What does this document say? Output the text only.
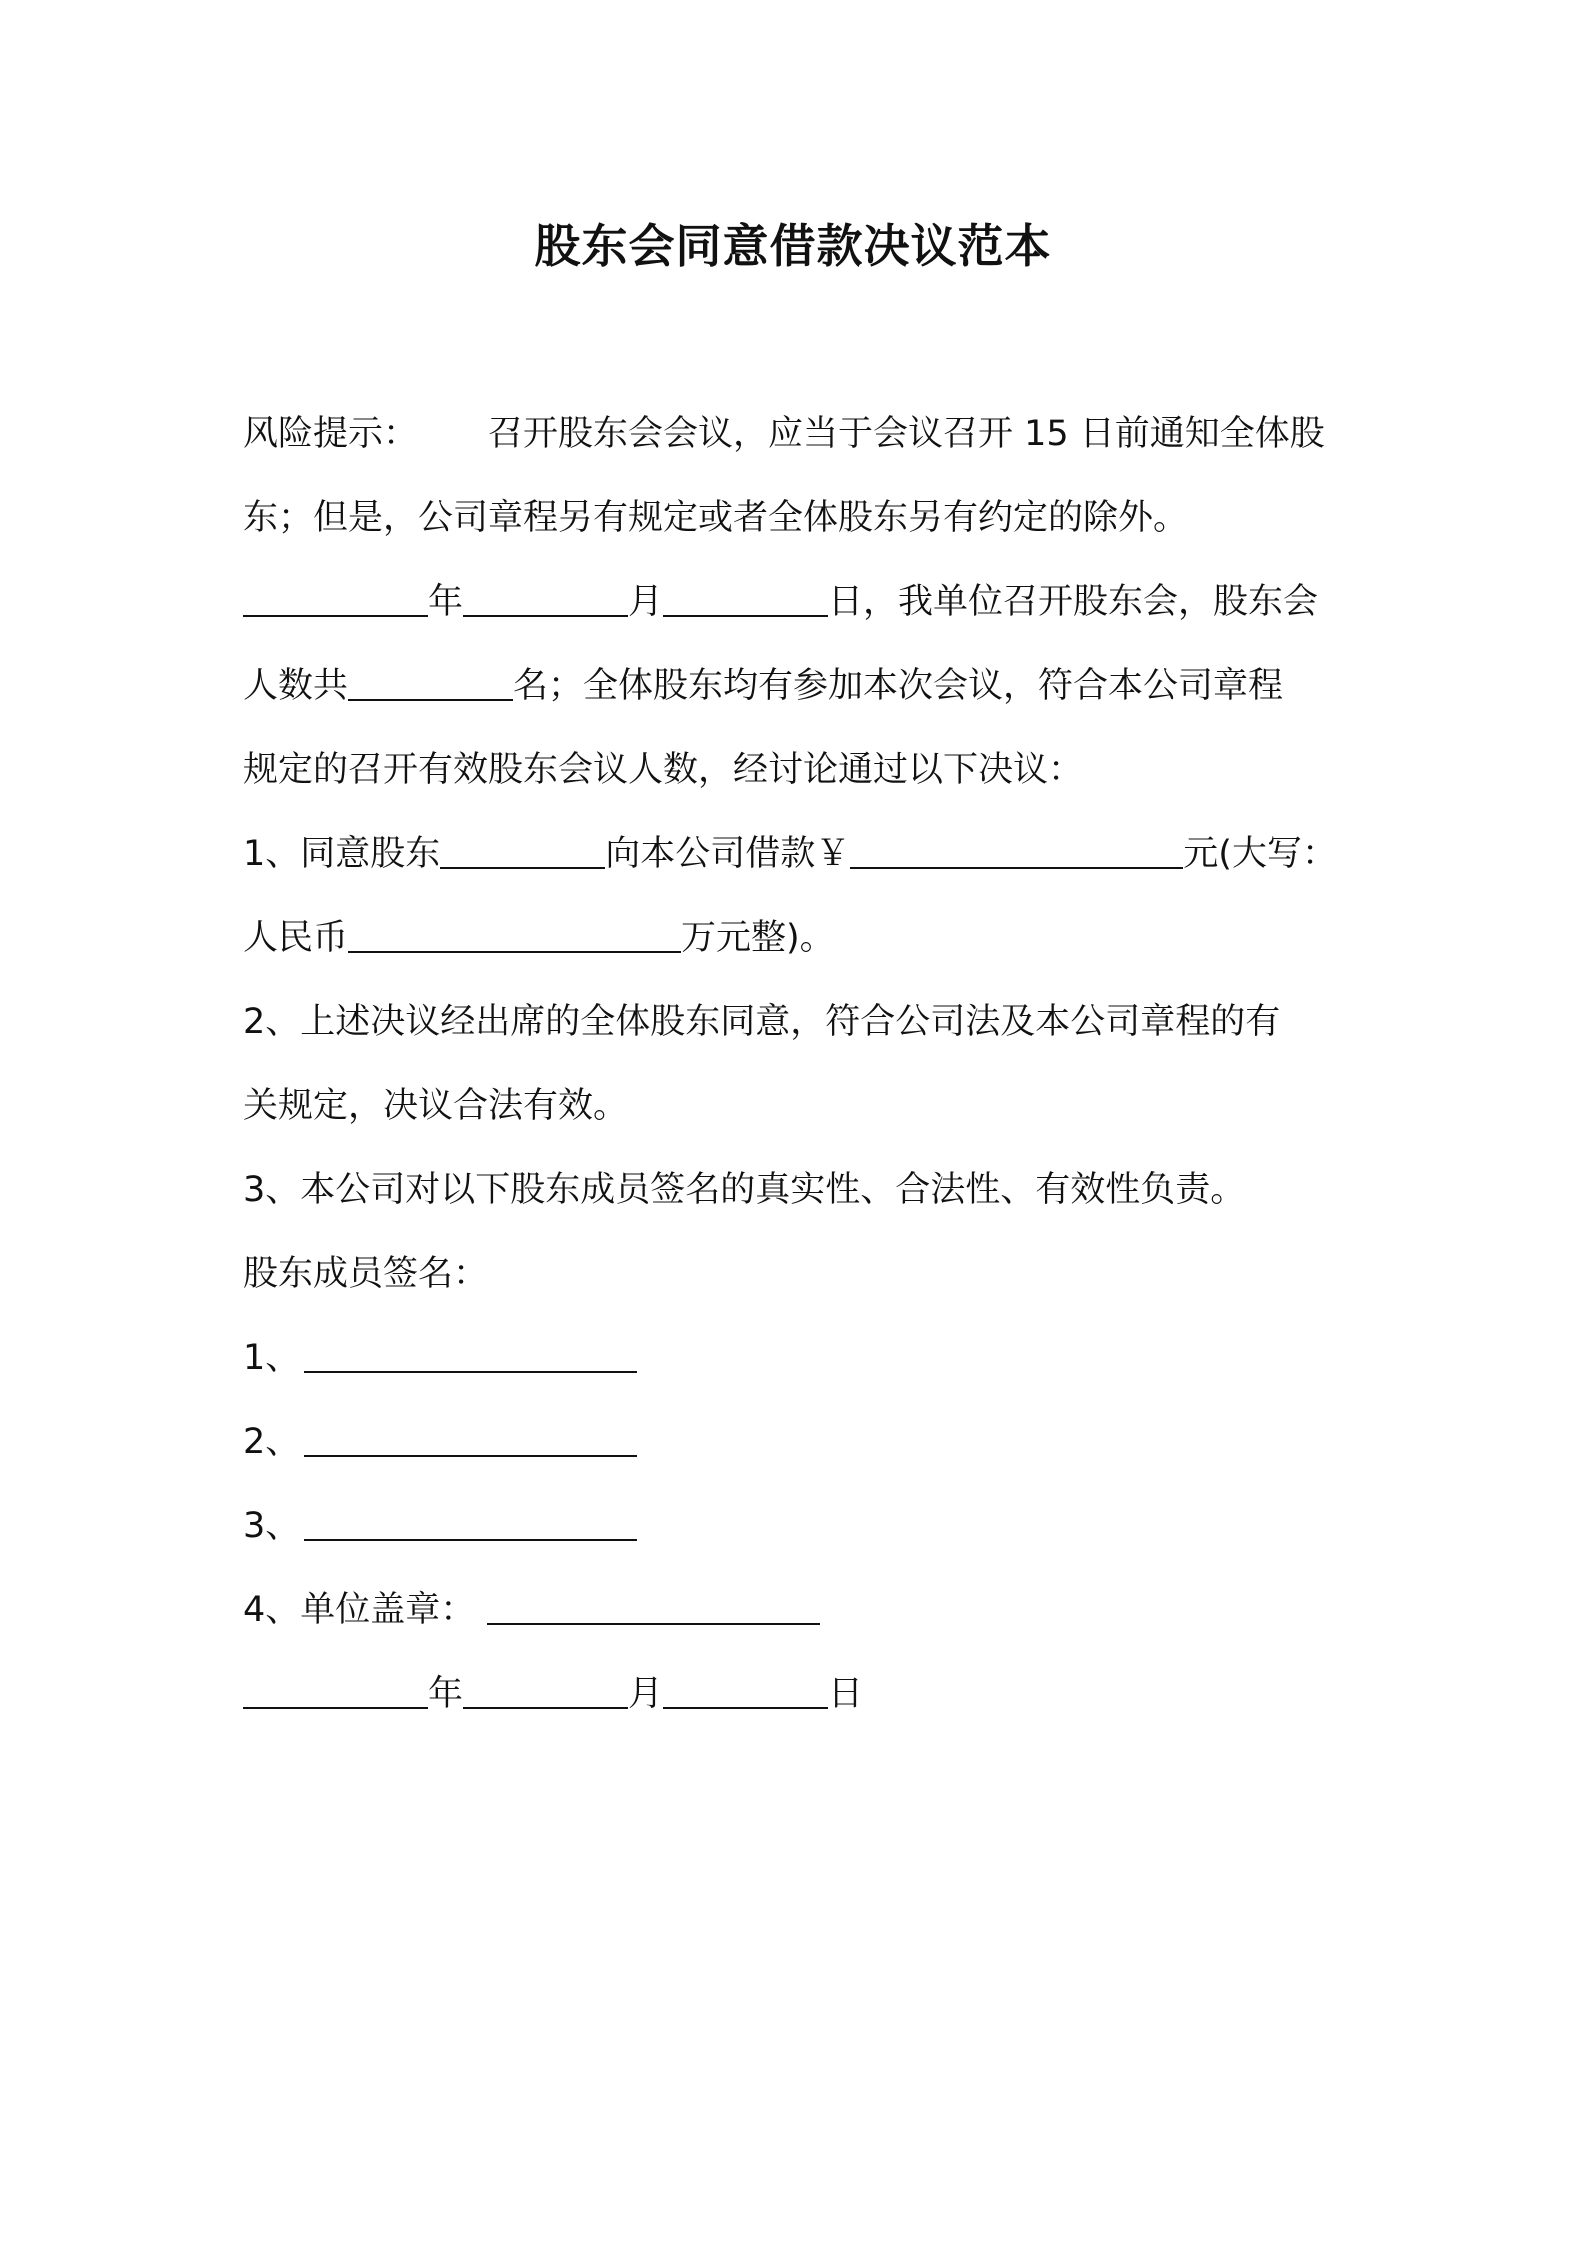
股东会同意借款决议范本
风险提示： 召开股东会会议，应当于会议召开 15 日前通知全体股
东；但是，公司章程另有规定或者全体股东另有约定的除外。
年	月	日，我单位召开股东会，股东会
人数共	名；全体股东均有参加本次会议，符合本公司章程
规定的召开有效股东会议人数，经讨论通过以下决议：
1、同意股东	向本公司借款￥	元(大写：
人民币	万元整)。
2、上述决议经出席的全体股东同意，符合公司法及本公司章程的有
关规定，决议合法有效。
3、本公司对以下股东成员签名的真实性、合法性、有效性负责。
股东成员签名：
1、
2、
3、
4、单位盖章：
年	月	日
